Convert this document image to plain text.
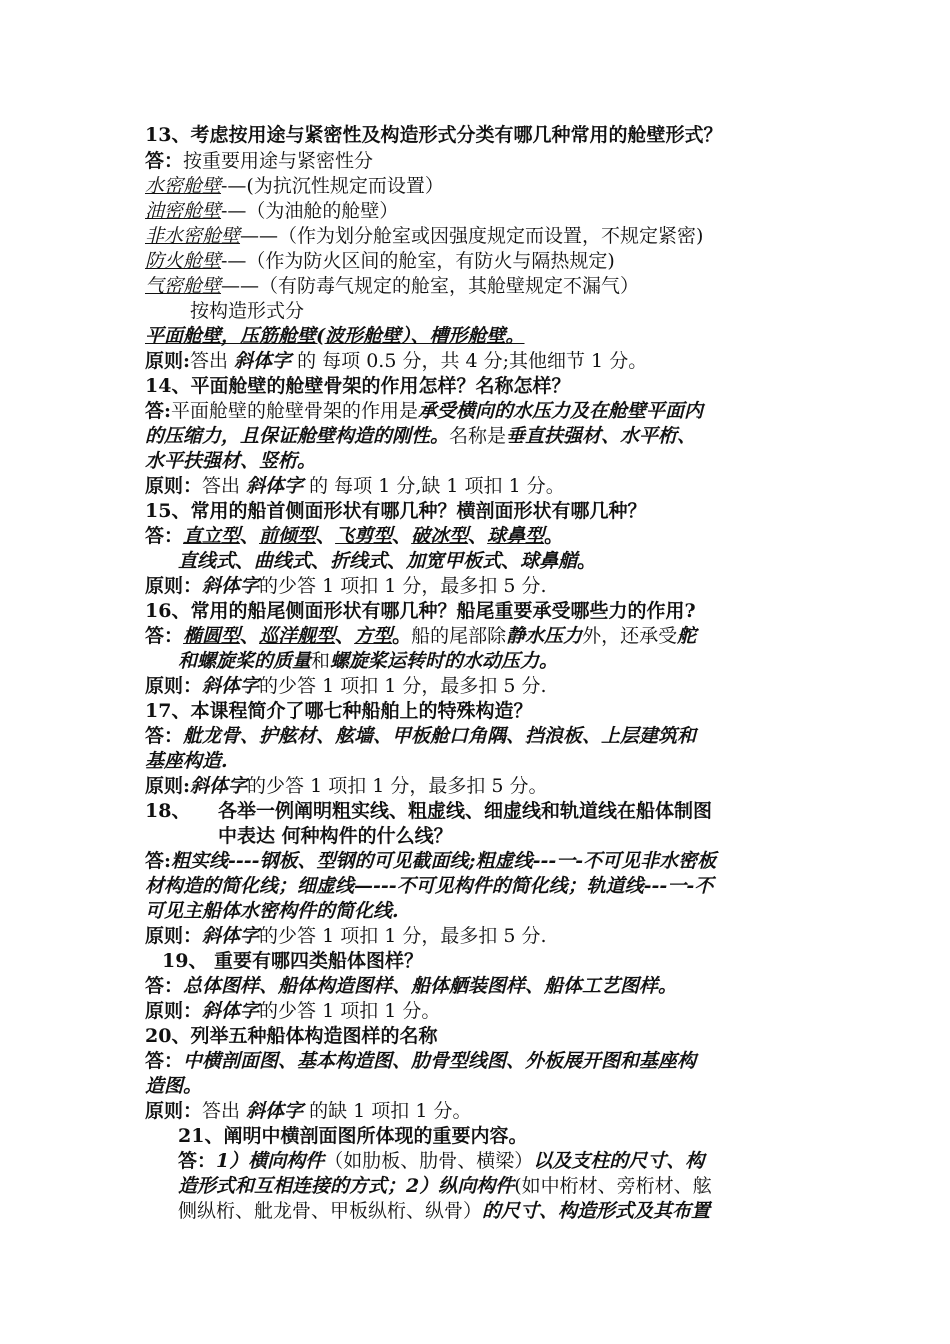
13、考虑按用途与紧密性及构造形式分类有哪几种常用的舱壁形式？
答：按重要用途与紧密性分
水密舱壁-—(为抗沉性规定而设置）
油密舱壁-—（为油舱的舱壁）
非水密舱壁——（作为划分舱室或因强度规定而设置，不规定紧密)
防火舱壁-—（作为防火区间的舱室，有防火与隔热规定)
气密舱壁——（有防毒气规定的舱室，其舱壁规定不漏气）
按构造形式分
平面舱壁，压筋舱壁(波形舱壁）、槽形舱壁。
原则:答出 斜体字 的 每项 0.5 分，共 4 分;其他细节 1 分。
14、平面舱壁的舱壁骨架的作用怎样？名称怎样？
答:平面舱壁的舱壁骨架的作用是承受横向的水压力及在舱壁平面内
的压缩力，且保证舱壁构造的刚性。名称是垂直扶强材、水平桁、
水平扶强材、竖桁。
原则：答出 斜体字 的 每项 1 分,缺 1 项扣 1 分。
15、常用的船首侧面形状有哪几种？横剖面形状有哪几种？
答：直立型、前倾型、飞剪型、破冰型、球鼻型。
直线式、曲线式、折线式、加宽甲板式、球鼻艏。
原则：斜体字的少答 1 项扣 1 分，最多扣 5 分.
16、常用的船尾侧面形状有哪几种？船尾重要承受哪些力的作用?
答：椭圆型、巡洋舰型、方型。船的尾部除静水压力外，还承受舵
和螺旋桨的质量和螺旋桨运转时的水动压力。
原则：斜体字的少答 1 项扣 1 分，最多扣 5 分.
17、本课程简介了哪七种船舶上的特殊构造？
答：舭龙骨、护舷材、舷墙、甲板舱口角隅、挡浪板、上层建筑和
基座构造.
原则:斜体字的少答 1 项扣 1 分，最多扣 5 分。
18、 各举一例阐明粗实线、粗虚线、细虚线和轨道线在船体制图
中表达 何种构件的什么线？
答:粗实线----钢板、型钢的可见截面线;粗虚线---一-不可见非水密板
材构造的简化线；细虚线—---不可见构件的简化线；轨道线---一-不
可见主船体水密构件的简化线.
原则：斜体字的少答 1 项扣 1 分，最多扣 5 分.
19、 重要有哪四类船体图样？
答：总体图样、船体构造图样、船体舾装图样、船体工艺图样。
原则：斜体字的少答 1 项扣 1 分。
20、列举五种船体构造图样的名称
答：中横剖面图、基本构造图、肋骨型线图、外板展开图和基座构
造图。
原则：答出 斜体字 的缺 1 项扣 1 分。
21、阐明中横剖面图所体现的重要内容。
答：1）横向构件（如肋板、肋骨、横梁）以及支柱的尺寸、构
造形式和互相连接的方式；2）纵向构件(如中桁材、旁桁材、舷
侧纵桁、舭龙骨、甲板纵桁、纵骨）的尺寸、构造形式及其布置
